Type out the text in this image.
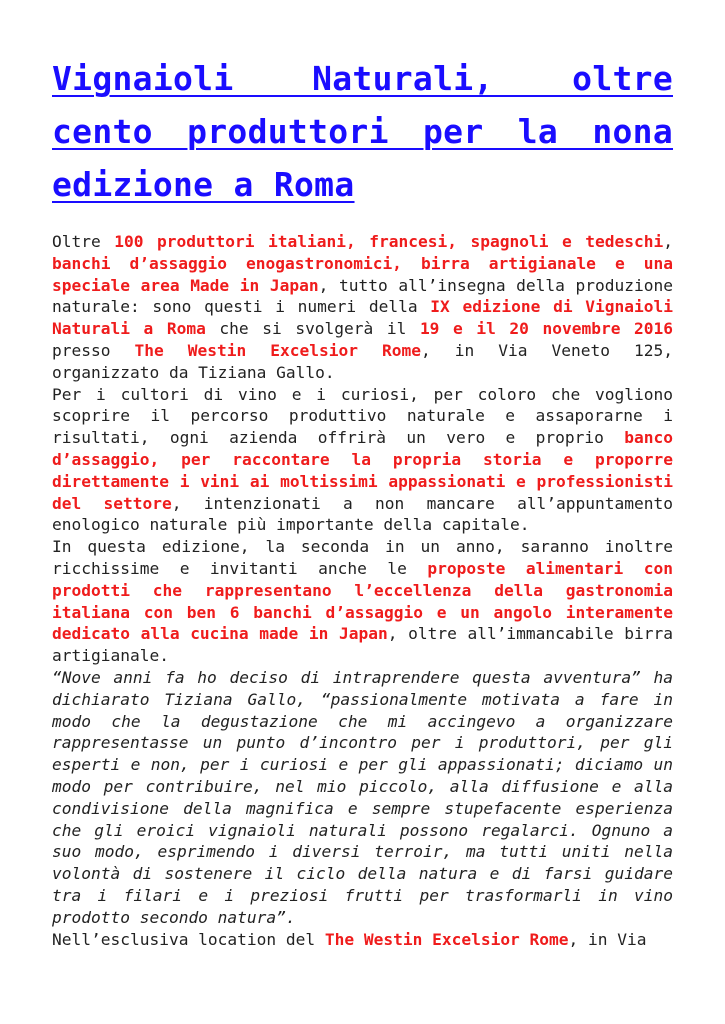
Vignaioli Naturali, oltre cento produttori per la nona edizione a Roma

Oltre 100 produttori italiani, francesi, spagnoli e tedeschi, banchi d’assaggio enogastronomici, birra artigianale e una speciale area Made in Japan, tutto all’insegna della produzione naturale: sono questi i numeri della IX edizione di Vignaioli Naturali a Roma che si svolgerà il 19 e il 20 novembre 2016 presso The Westin Excelsior Rome, in Via Veneto 125, organizzato da Tiziana Gallo.

Per i cultori di vino e i curiosi, per coloro che vogliono scoprire il percorso produttivo naturale e assaporarne i risultati, ogni azienda offrirà un vero e proprio banco d’assaggio, per raccontare la propria storia e proporre direttamente i vini ai moltissimi appassionati e professionisti del settore, intenzionati a non mancare all’appuntamento enologico naturale più importante della capitale.

In questa edizione, la seconda in un anno, saranno inoltre ricchissime e invitanti anche le proposte alimentari con prodotti che rappresentano l’eccellenza della gastronomia italiana con ben 6 banchi d’assaggio e un angolo interamente dedicato alla cucina made in Japan, oltre all’immancabile birra artigianale.

“Nove anni fa ho deciso di intraprendere questa avventura” ha dichiarato Tiziana Gallo, “passionalmente motivata a fare in modo che la degustazione che mi accingevo a organizzare rappresentasse un punto d’incontro per i produttori, per gli esperti e non, per i curiosi e per gli appassionati; diciamo un modo per contribuire, nel mio piccolo, alla diffusione e alla condivisione della magnifica e sempre stupefacente esperienza che gli eroici vignaioli naturali possono regalarci. Ognuno a suo modo, esprimendo i diversi terroir, ma tutti uniti nella volontà di sostenere il ciclo della natura e di farsi guidare tra i filari e i preziosi frutti per trasformarli in vino prodotto secondo natura”.

Nell’esclusiva location del The Westin Excelsior Rome, in Via
